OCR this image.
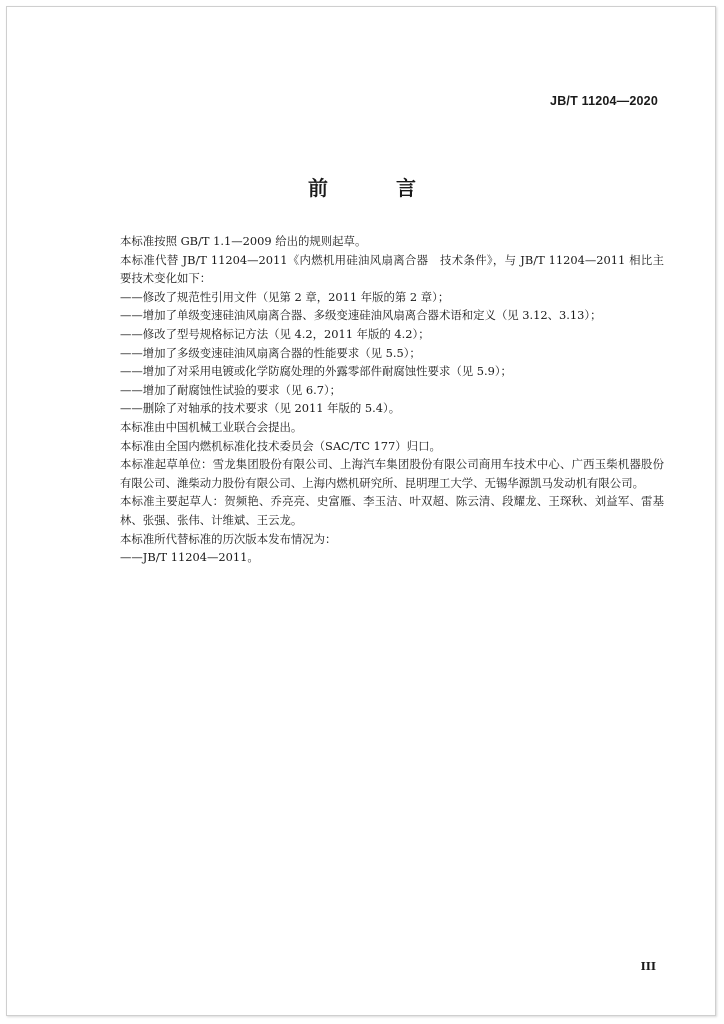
JB/T 11204—2020
前　言

本标准按照 GB/T 1.1—2009 给出的规则起草。

本标准代替 JB/T 11204—2011《内燃机用硅油风扇离合器　技术条件》，与 JB/T 11204—2011 相比主要技术变化如下：

——修改了规范性引用文件（见第 2 章，2011 年版的第 2 章）；

——增加了单级变速硅油风扇离合器、多级变速硅油风扇离合器术语和定义（见 3.12、3.13）；

——修改了型号规格标记方法（见 4.2，2011 年版的 4.2）；

——增加了多级变速硅油风扇离合器的性能要求（见 5.5）；

——增加了对采用电镀或化学防腐处理的外露零部件耐腐蚀性要求（见 5.9）；

——增加了耐腐蚀性试验的要求（见 6.7）；

——删除了对轴承的技术要求（见 2011 年版的 5.4）。

本标准由中国机械工业联合会提出。

本标准由全国内燃机标准化技术委员会（SAC/TC 177）归口。

本标准起草单位：雪龙集团股份有限公司、上海汽车集团股份有限公司商用车技术中心、广西玉柴机器股份有限公司、潍柴动力股份有限公司、上海内燃机研究所、昆明理工大学、无锡华源凯马发动机有限公司。

本标准主要起草人：贺频艳、乔亮亮、史富雁、李玉洁、叶双超、陈云清、段耀龙、王琛秋、刘益军、雷基林、张强、张伟、计维斌、王云龙。

本标准所代替标准的历次版本发布情况为：

——JB/T 11204—2011。

III
